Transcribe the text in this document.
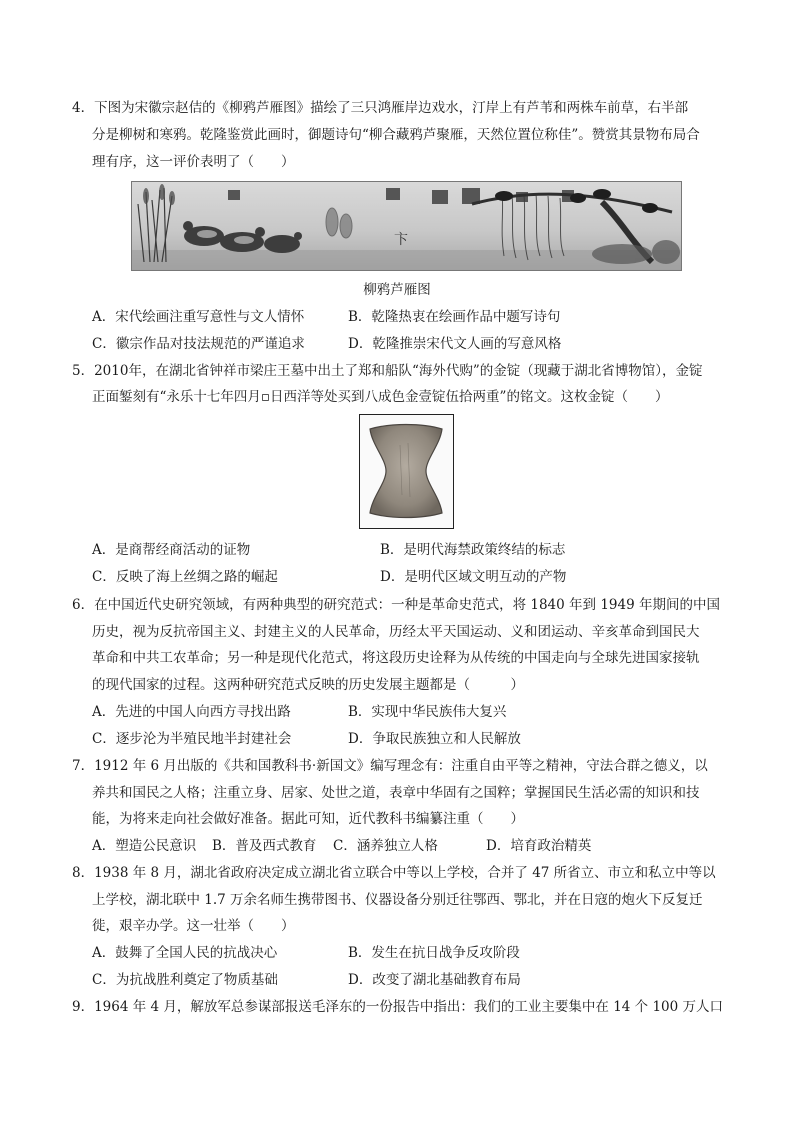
4．下图为宋徽宗赵佶的《柳鸦芦雁图》描绘了三只鸿雁岸边戏水，汀岸上有芦苇和两株车前草，右半部
分是柳树和寒鸦。乾隆鉴赏此画时，御题诗句“柳合藏鸦芦聚雁，天然位置位称佳”。赞赏其景物布局合
理有序，这一评价表明了（　　）
卞
柳鸦芦雁图
A．宋代绘画注重写意性与文人情怀	B．乾隆热衷在绘画作品中题写诗句
C．徽宗作品对技法规范的严谨追求	D．乾隆推崇宋代文人画的写意风格
5．2010年，在湖北省钟祥市梁庄王墓中出土了郑和船队“海外代购”的金锭（现藏于湖北省博物馆），金锭
正面錾刻有“永乐十七年四月▫日西洋等处买到八成色金壹锭伍拾两重”的铭文。这枚金锭（　　）
A．是商帮经商活动的证物	B．是明代海禁政策终结的标志
C．反映了海上丝绸之路的崛起	D．是明代区域文明互动的产物
6．在中国近代史研究领域，有两种典型的研究范式：一种是革命史范式，将 1840 年到 1949 年期间的中国
历史，视为反抗帝国主义、封建主义的人民革命，历经太平天国运动、义和团运动、辛亥革命到国民大
革命和中共工农革命；另一种是现代化范式，将这段历史诠释为从传统的中国走向与全球先进国家接轨
的现代国家的过程。这两种研究范式反映的历史发展主题都是（　　　）
A．先进的中国人向西方寻找出路	B．实现中华民族伟大复兴
C．逐步沦为半殖民地半封建社会	D．争取民族独立和人民解放
7．1912 年 6 月出版的《共和国教科书·新国文》编写理念有：注重自由平等之精神，守法合群之德义，以
养共和国民之人格；注重立身、居家、处世之道，表章中华固有之国粹；掌握国民生活必需的知识和技
能，为将来走向社会做好准备。据此可知，近代教科书编纂注重（　　）
A．塑造公民意识 B．普及西式教育 C．涵养独立人格	D．培育政治精英
8．1938 年 8 月，湖北省政府决定成立湖北省立联合中等以上学校，合并了 47 所省立、市立和私立中等以
上学校，湖北联中 1.7 万余名师生携带图书、仪器设备分别迁往鄂西、鄂北，并在日寇的炮火下反复迁
徙，艰辛办学。这一壮举（　　）
A．鼓舞了全国人民的抗战决心	B．发生在抗日战争反攻阶段
C．为抗战胜利奠定了物质基础	D．改变了湖北基础教育布局
9．1964 年 4 月，解放军总参谋部报送毛泽东的一份报告中指出：我们的工业主要集中在 14 个 100 万人口
